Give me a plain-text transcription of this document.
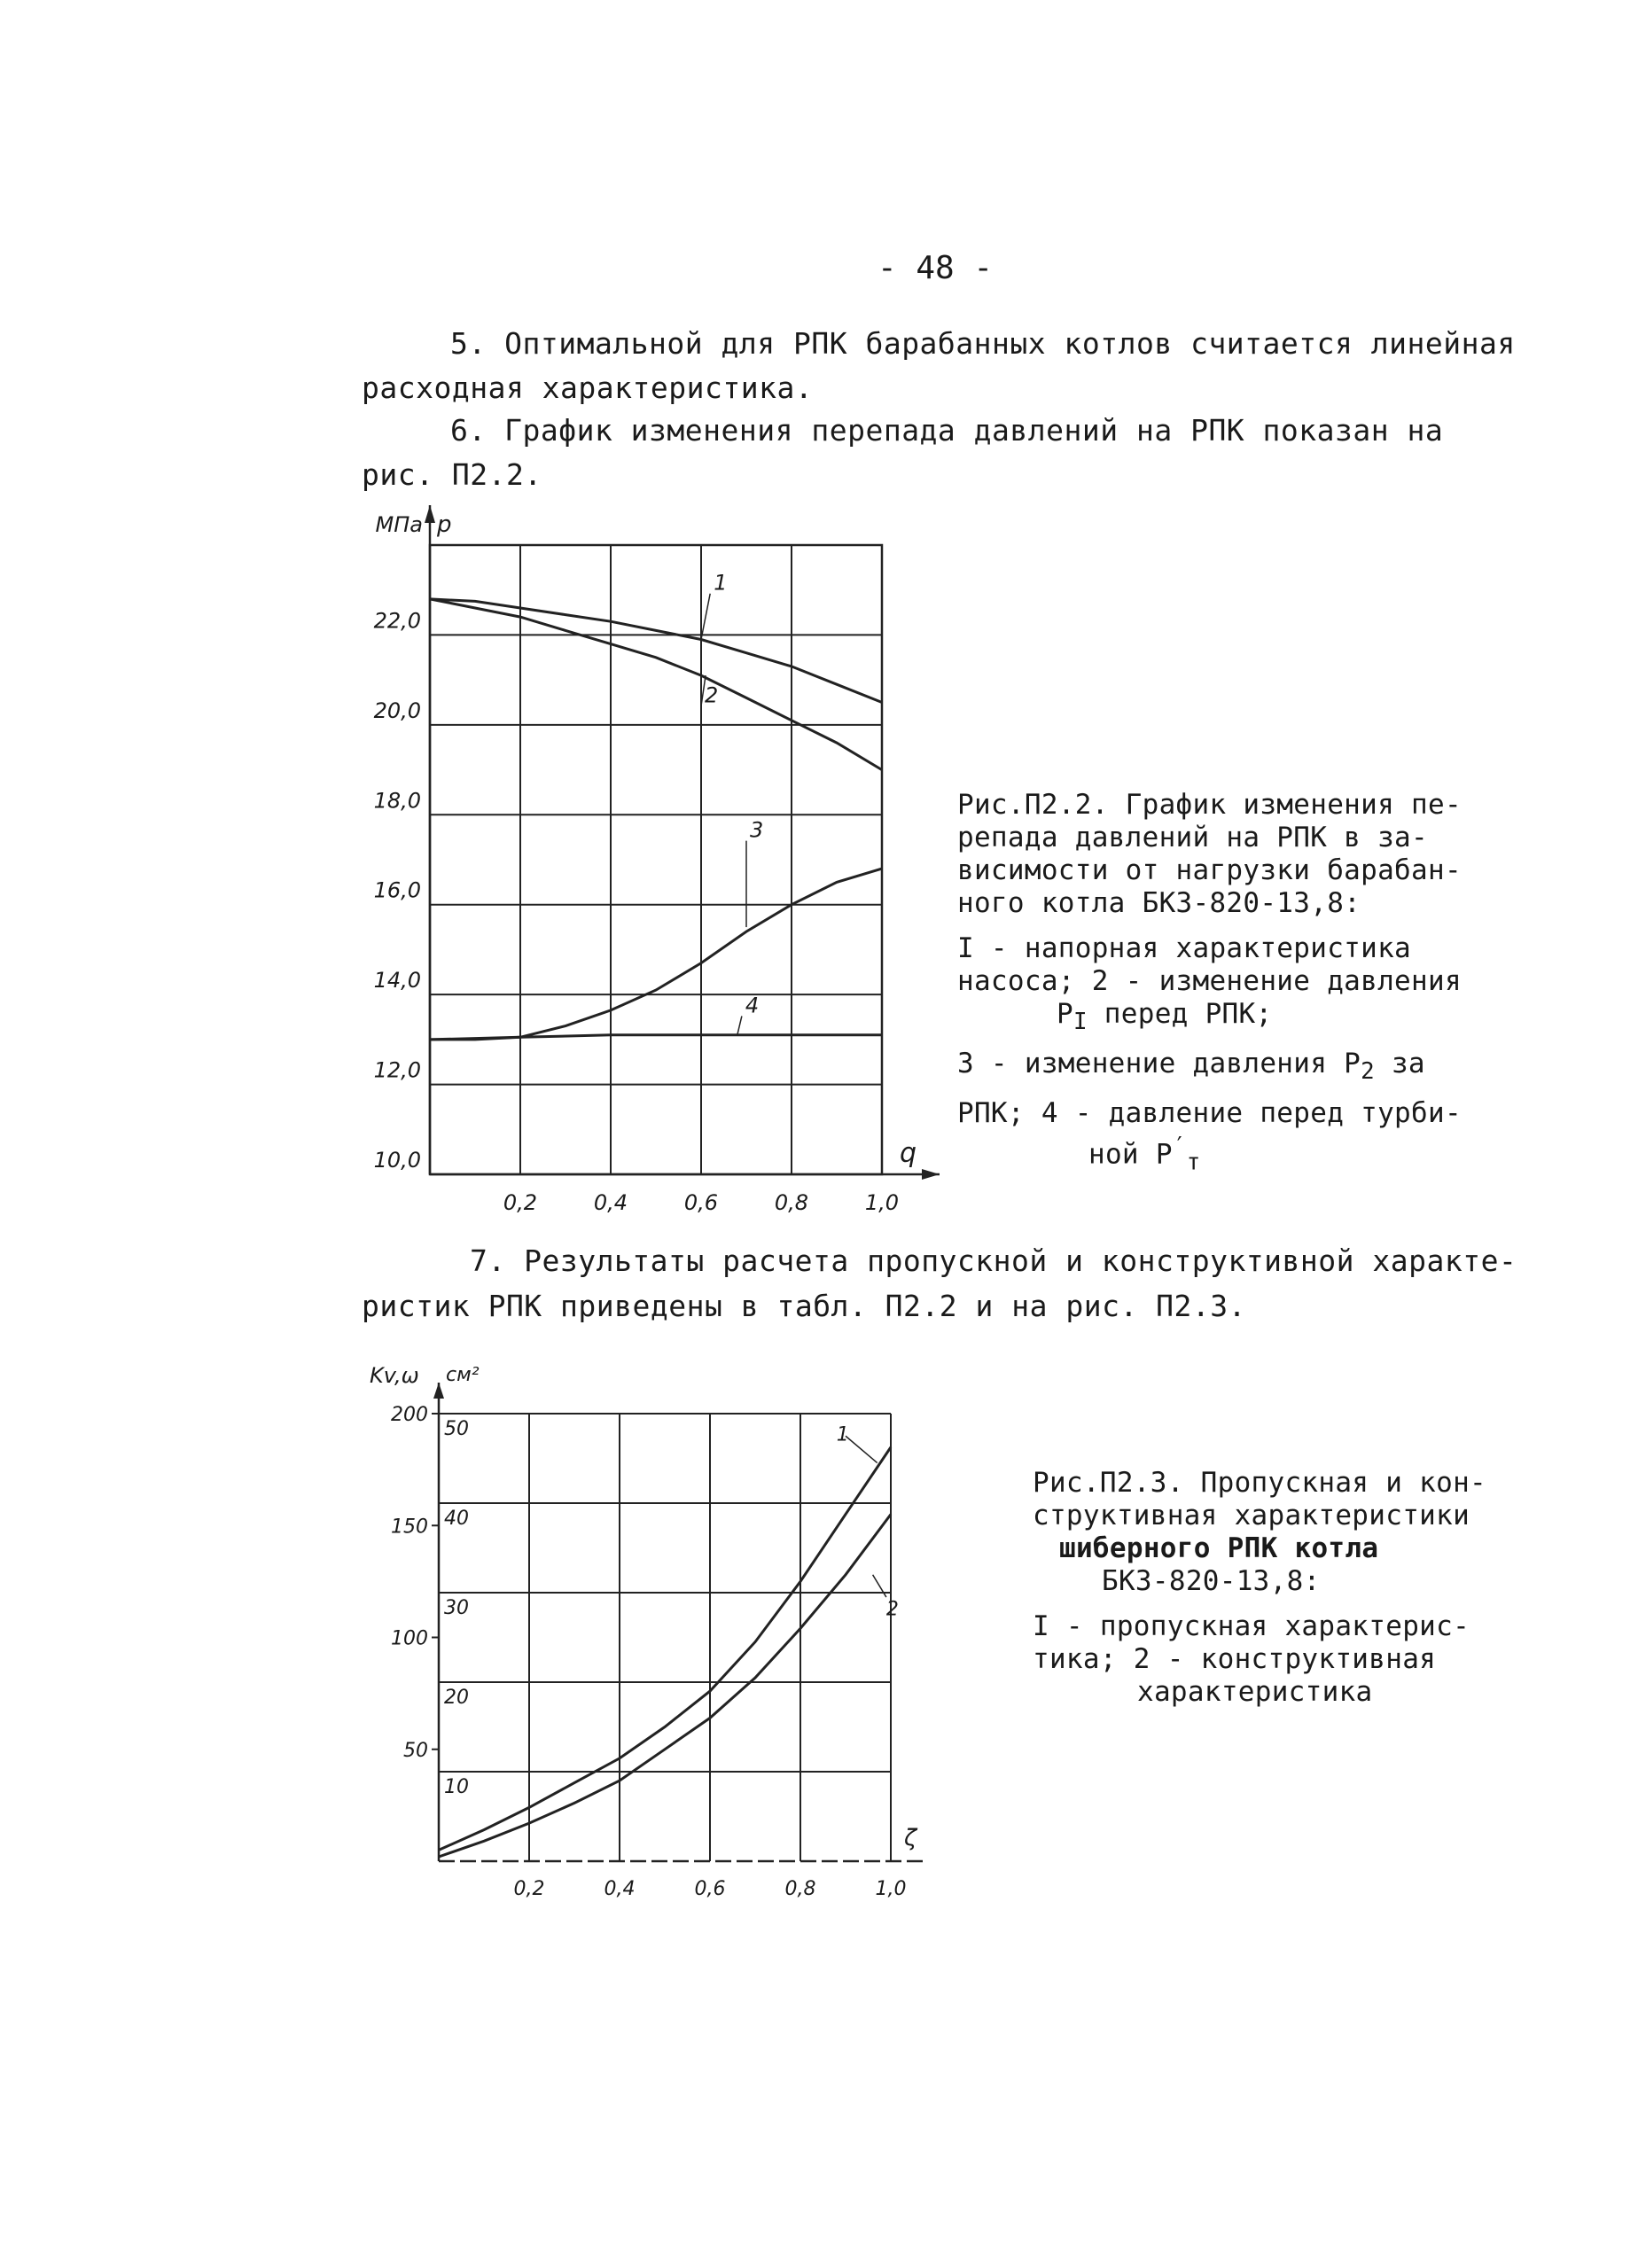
- 48 -
5. Оптимальной для РПК барабанных котлов считается линейная
расходная характеристика.
6. График изменения перепада давлений на РПК показан на
рис. П2.2.
0,2	0,4	0,6	0,8	1,0
10,0
12,0
14,0
16,0
18,0
20,0
22,0
МПа p
q
1
2
3
4
Рис.П2.2. График изменения пе-
репада давлений на РПК в за-
висимости от нагрузки барабан-
ного котла БКЗ-820-13,8:
I - напорная характеристика
насоса; 2 - изменение давления
$P_I$ перед РПК;
3 - изменение давления $P_2$ за
РПК; 4 - давление перед турби-
ной $P'_т$
7. Результаты расчета пропускной и конструктивной характе-
ристик РПК приведены в табл. П2.2 и на рис. П2.3.
0,2	0,4	0,6	0,8	1,0
50
100
150
200
10
20
30
40
50
Kv,ω см²
ζ
1
2
Рис.П2.3. Пропускная и кон-
структивная характеристики
шиберного РПК котла
БКЗ-820-13,8:
I - пропускная характерис-
тика; 2 - конструктивная
характеристика
